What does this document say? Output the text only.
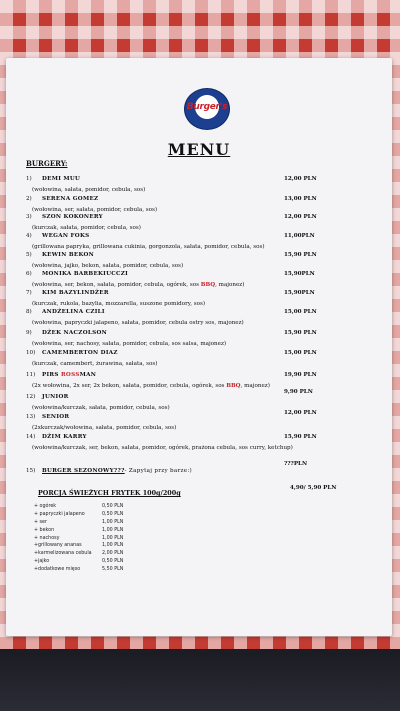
Burger's
MENU
BURGERY:
1) DEMI MUU	12,00 PLN
(wołowina, sałata, pomidor, cebula, sos)
2) SERENA GOMEZ	13,00 PLN
(wołowina, ser, sałata, pomidor, cebula, sos)
3) SZON KOKONERY	12,00 PLN
(kurczak, sałata, pomidor, cebula, sos)
4) WEGAN FOKS	11,00PLN
(grillowana papryka, grillowana cukinia, gorgonzola, sałata, pomidor, cebula, sos)
5) KEWIN BEKON	15,90 PLN
(wołowina, jajko, bekon, sałata, pomidor, cebula, sos)
6) MONIKA BARBEKIUCCZI	15,90PLN
(wołowina, ser, bekon, sałata, pomidor, cebula, ogórek, sos BBQ, majonez)
7) KIM BAZYLINDŻER	15,90PLN
(kurczak, rukola, bazylia, mozzarella, suszone pomidory, sos)
8) ANDŻELINA CZILI	15,00 PLN
(wołowina, papryczki jalapeno, sałata, pomidor, cebula ostry sos, majonez)
9) DŻEK NACZOLSON	15,90 PLN
(wołowina, ser, nachosy, sałata, pomidor, cebula, sos salsa, majonez)
10) CAMEMBERTON DIAZ	15,00 PLN
(kurczak, camembert, żurawina, sałata, sos)
11) PIRS ROSSMAN	19,90 PLN
(2x wołowina, 2x ser, 2x bekon, sałata, pomidor, cebula, ogórek, sos BBQ, majonez)
12) JUNIOR
9,90 PLN
(wołowina/kurczak, sałata, pomidor, cebula, sos)
13) SENIOR
12,00 PLN
(2xkurczak/wołowina, sałata, pomidor, cebula, sos)
14) DŻIM KARRY	15,90 PLN
(wołowina/kurczak, ser, bekon, sałata, pomidor, ogórek, prażona cebula, sos curry, ketchup)
15) BURGER SEZONOWY???- Zapytaj przy barze:)
???PLN
PORCJA ŚWIEŻYCH FRYTEK 100g/200g
4,90/ 5,90 PLN
+ ogórek	0,50 PLN
+ papryczki jalapeno	0,50 PLN
+ ser	1,00 PLN
+ bekon	1,00 PLN
+ nachosy	1,00 PLN
+grillowany ananas	1,00 PLN
+karmelizowana cebula 2,00 PLN
+jajko	0,50 PLN
+dodatkowe mięso	5,50 PLN
